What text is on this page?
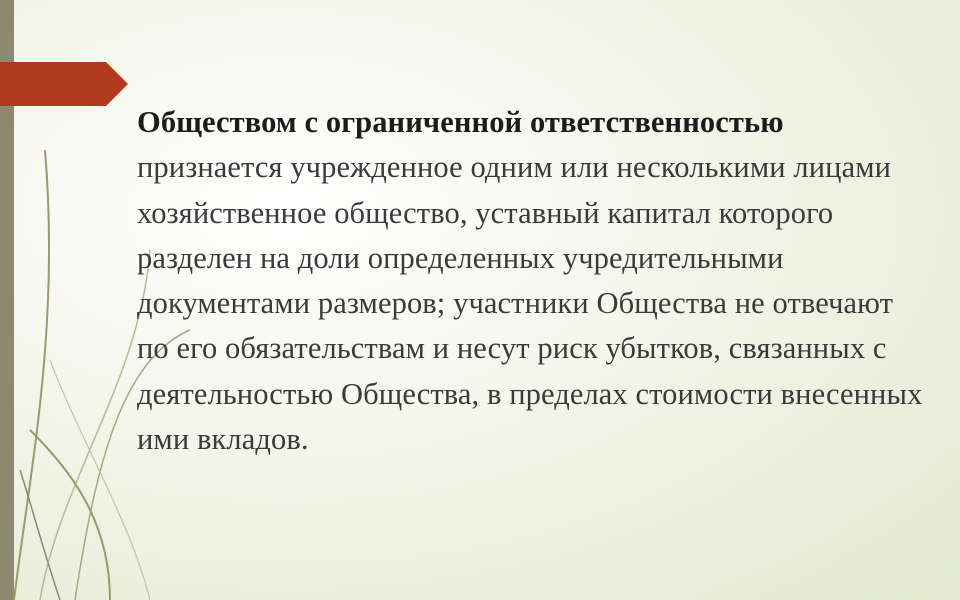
Обществом с ограниченной ответственностью признается учрежденное одним или несколькими лицами хозяйственное общество, уставный капитал которого разделен на доли определенных учредительными документами размеров; участники Общества не отвечают по его обязательствам и несут риск убытков, связанных с деятельностью Общества, в пределах стоимости внесенных ими вкладов.
